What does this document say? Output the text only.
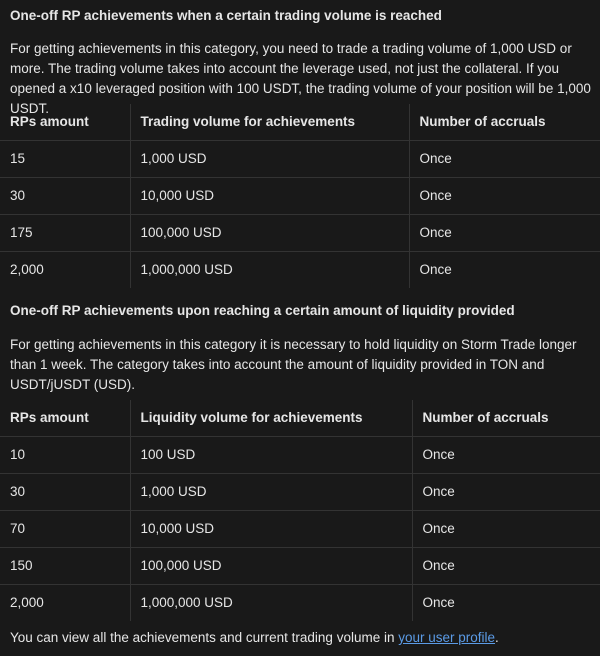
One-off RP achievements when a certain trading volume is reached
For getting achievements in this category, you need to trade a trading volume of 1,000 USD or more. The trading volume takes into account the leverage used, not just the collateral. If you opened a x10 leveraged position with 100 USDT, the trading volume of your position will be 1,000 USDT.
RPs amount	Trading volume for achievements	Number of accruals
15	1,000 USD	Once
30	10,000 USD	Once
175	100,000 USD	Once
2,000	1,000,000 USD	Once
One-off RP achievements upon reaching a certain amount of liquidity provided
For getting achievements in this category it is necessary to hold liquidity on Storm Trade longer than 1 week. The category takes into account the amount of liquidity provided in TON and USDT/jUSDT (USD).
RPs amount	Liquidity volume for achievements	Number of accruals
10	100 USD	Once
30	1,000 USD	Once
70	10,000 USD	Once
150	100,000 USD	Once
2,000	1,000,000 USD	Once
You can view all the achievements and current trading volume in your user profile.
